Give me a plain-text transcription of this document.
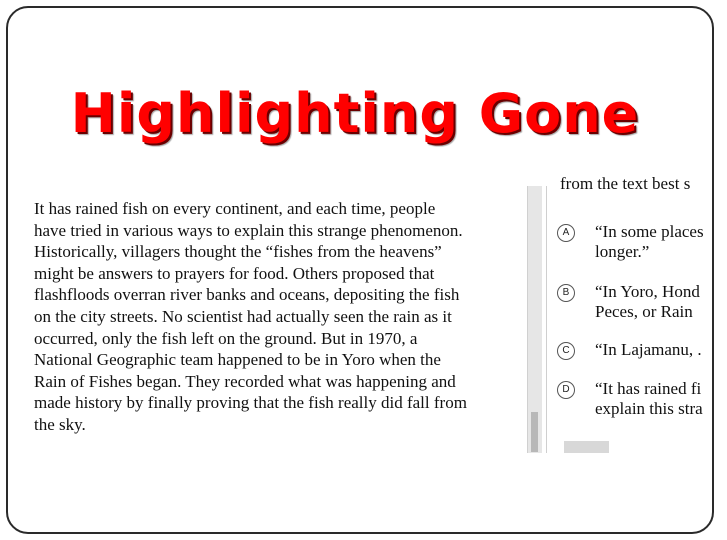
Highlighting Gone
It has rained fish on every continent, and each time, people
have tried in various ways to explain this strange phenomenon.
Historically, villagers thought the “fishes from the heavens”
might be answers to prayers for food. Others proposed that
flashfloods overran river banks and oceans, depositing the fish
on the city streets. No scientist had actually seen the rain as it
occurred, only the fish left on the ground. But in 1970, a
National Geographic team happened to be in Yoro when the
Rain of Fishes began. They recorded what was happening and
made history by finally proving that the fish really did fall from
the sky.
from the text best s
A	“In some places
longer.”
B	“In Yoro, Hond
Peces, or Rain
C	“In Lajamanu, .
D	“It has rained fi
explain this stra
